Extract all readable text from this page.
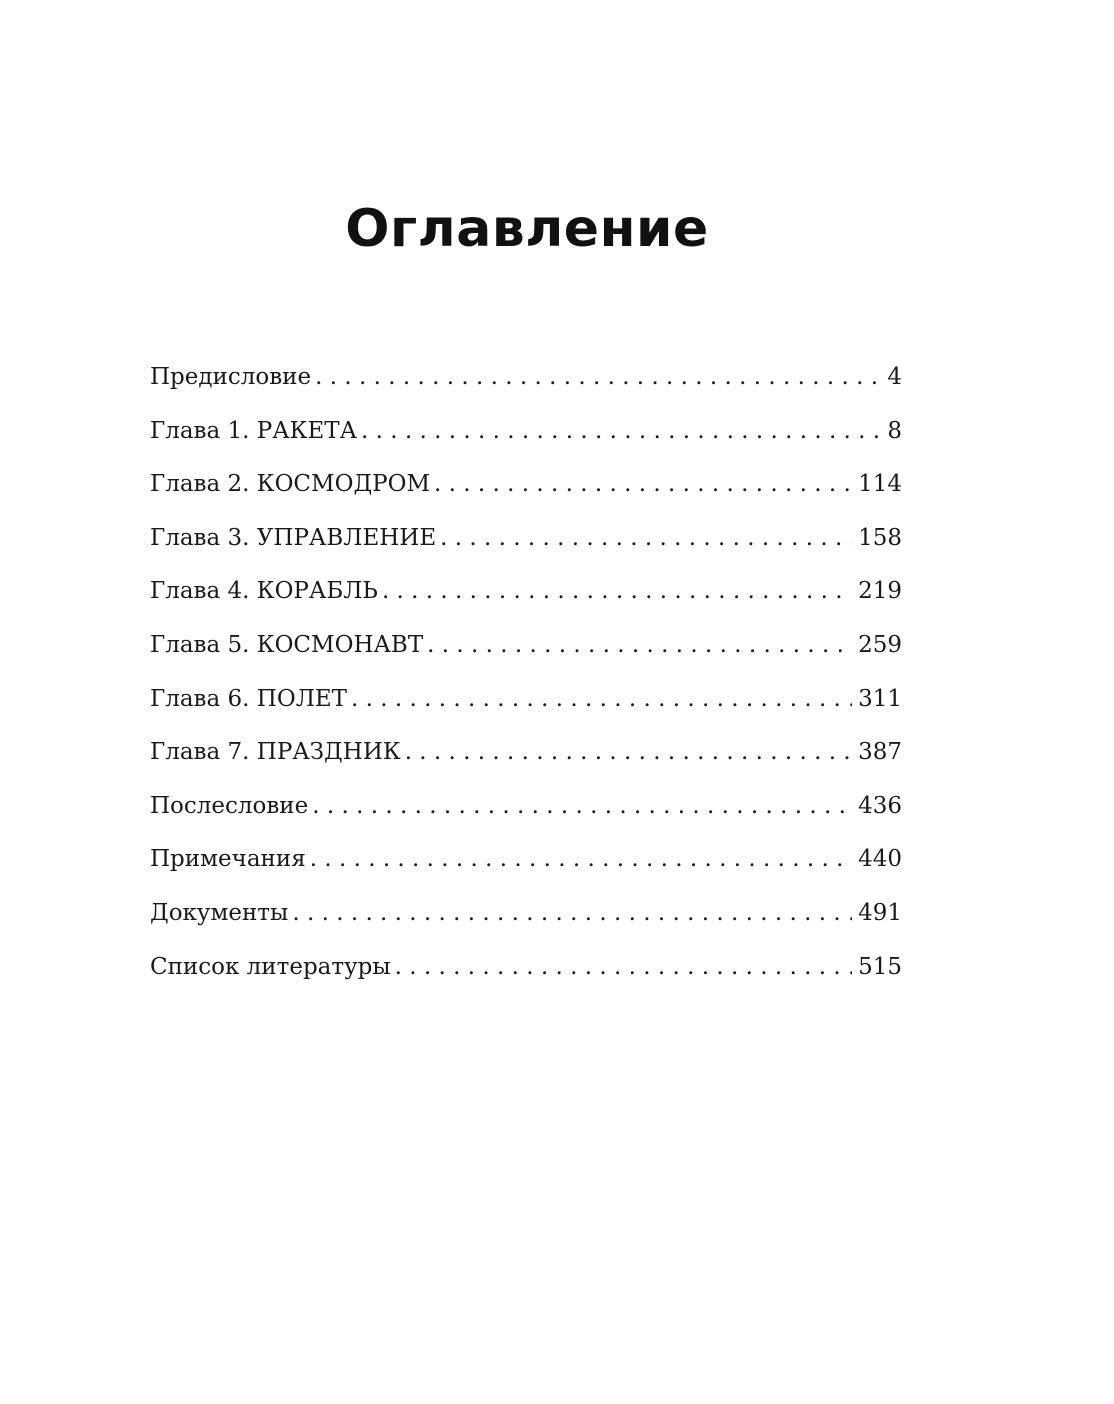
Оглавление
Предисловие . . .	4
Глава 1. РАКЕТА . . .	8
Глава 2. КОСМОДРОМ . . .	114
Глава 3. УПРАВЛЕНИЕ . . .	158
Глава 4. КОРАБЛЬ . . .	219
Глава 5. КОСМОНАВТ . . .	259
Глава 6. ПОЛЕТ . . .	311
Глава 7. ПРАЗДНИК . . .	387
Послесловие . . .	436
Примечания . . .	440
Документы . . .	491
Список литературы . . .	515
